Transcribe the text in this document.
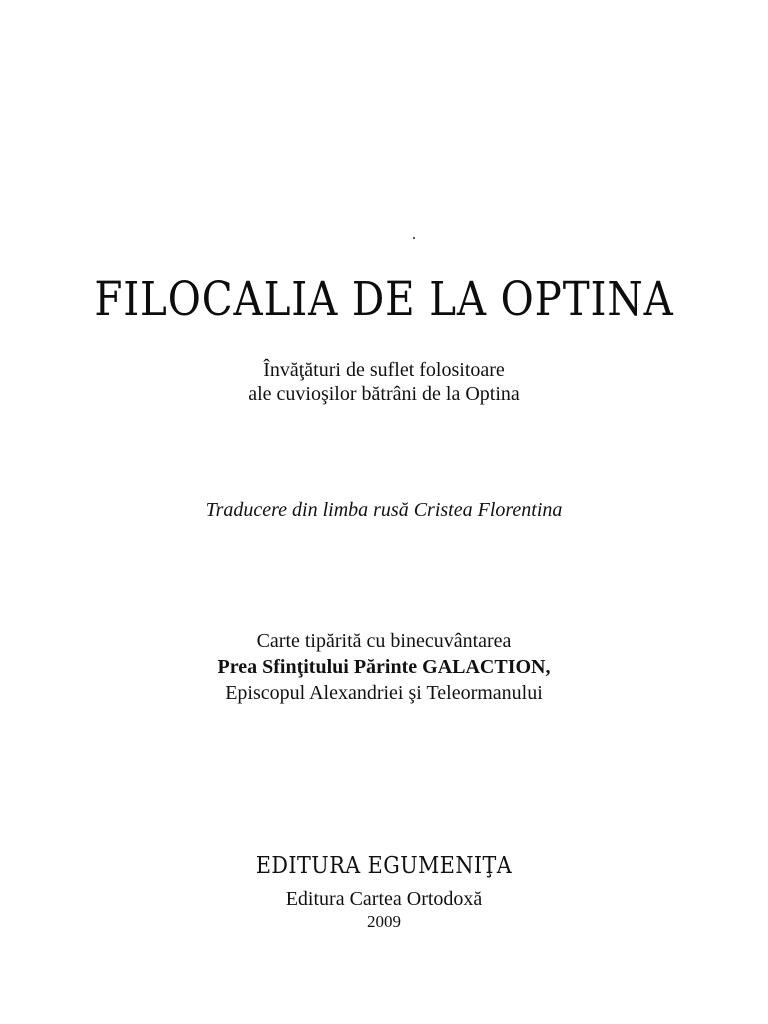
FILOCALIA DE LA OPTINA
Învăţături de suflet folositoare
ale cuvioşilor bătrâni de la Optina
Traducere din limba rusă Cristea Florentina
Carte tipărită cu binecuvântarea
Prea Sfinţitului Părinte GALACTION,
Episcopul Alexandriei şi Teleormanului
EDITURA EGUMENIŢA
Editura Cartea Ortodoxă
2009
